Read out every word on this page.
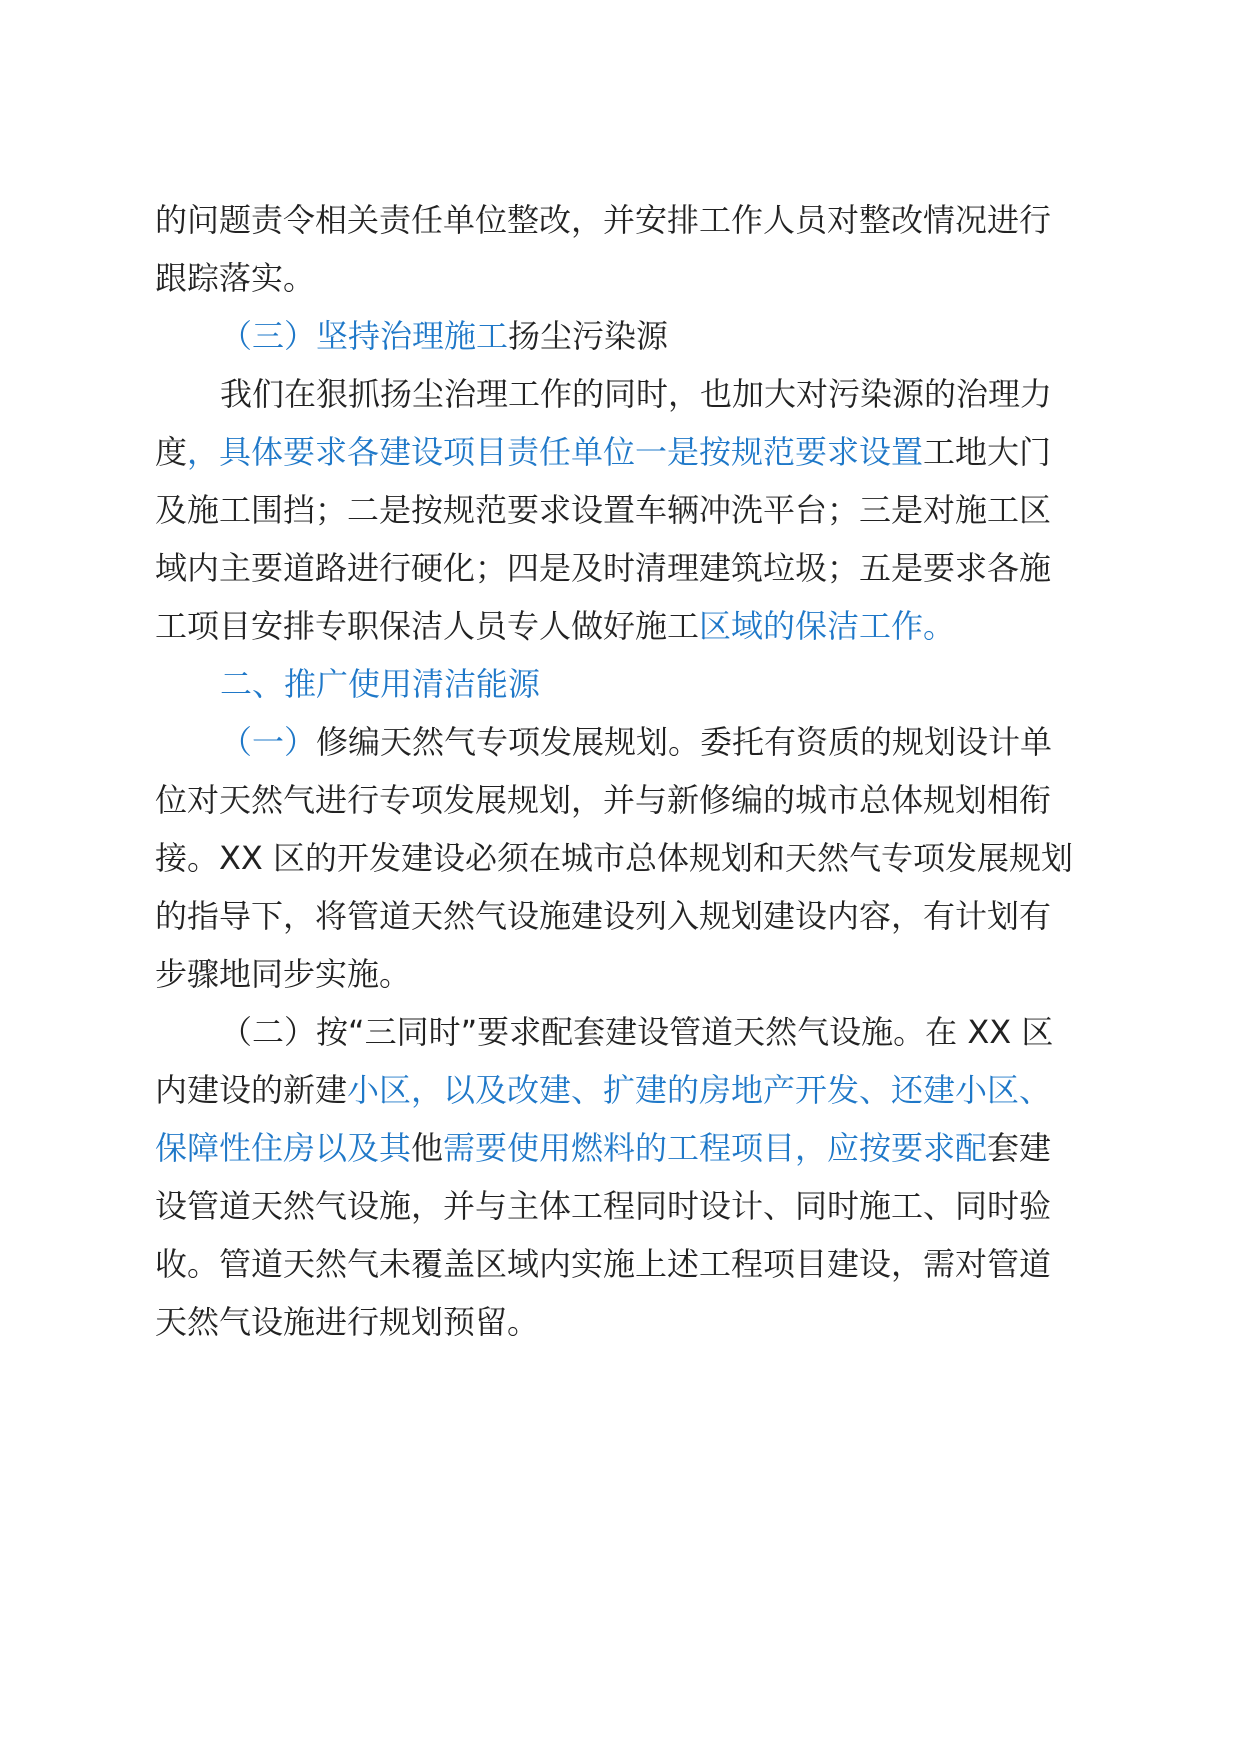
的问题责令相关责任单位整改，并安排工作人员对整改情况进行
跟踪落实。
（三）坚持治理施工扬尘污染源
我们在狠抓扬尘治理工作的同时，也加大对污染源的治理力
度，具体要求各建设项目责任单位一是按规范要求设置工地大门
及施工围挡；二是按规范要求设置车辆冲洗平台；三是对施工区
域内主要道路进行硬化；四是及时清理建筑垃圾；五是要求各施
工项目安排专职保洁人员专人做好施工区域的保洁工作。
二、推广使用清洁能源
（一）修编天然气专项发展规划。委托有资质的规划设计单
位对天然气进行专项发展规划，并与新修编的城市总体规划相衔
接。XX 区的开发建设必须在城市总体规划和天然气专项发展规划
的指导下，将管道天然气设施建设列入规划建设内容，有计划有
步骤地同步实施。
（二）按“三同时”要求配套建设管道天然气设施。在 XX 区
内建设的新建小区，以及改建、扩建的房地产开发、还建小区、
保障性住房以及其他需要使用燃料的工程项目，应按要求配套建
设管道天然气设施，并与主体工程同时设计、同时施工、同时验
收。管道天然气未覆盖区域内实施上述工程项目建设，需对管道
天然气设施进行规划预留。
